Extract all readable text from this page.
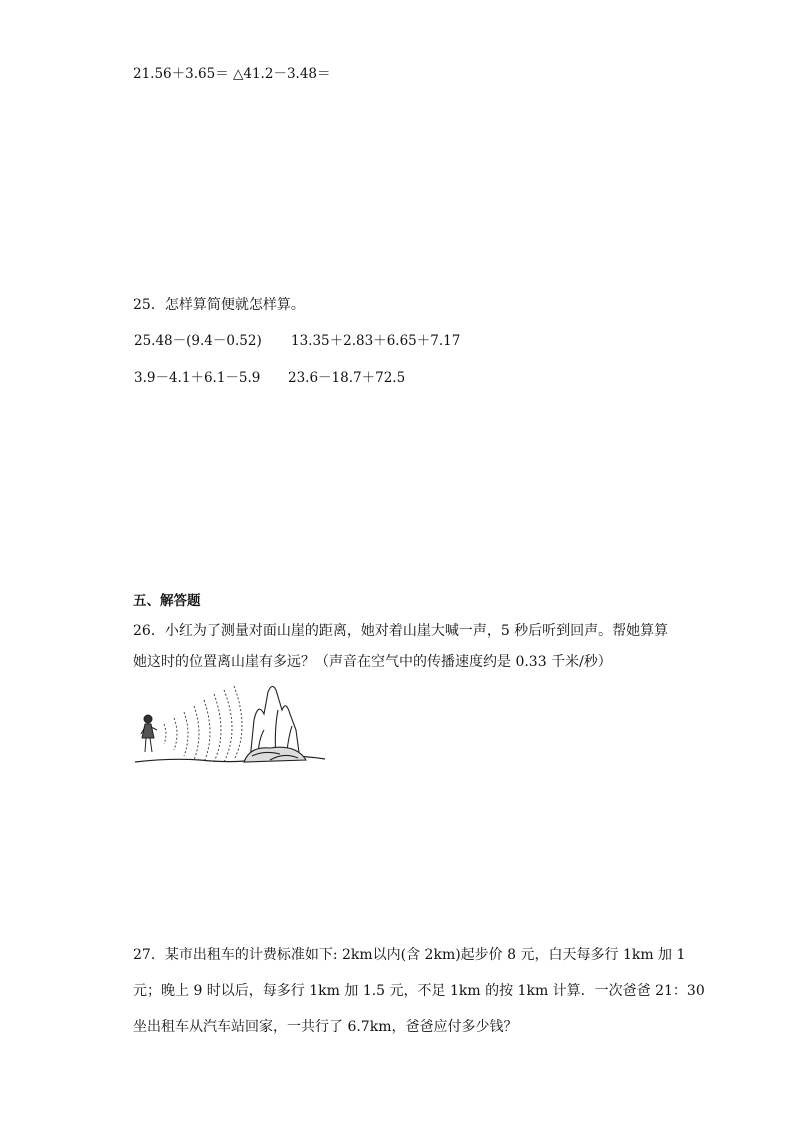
21.56＋3.65＝ △41.2－3.48＝
25．怎样算简便就怎样算。
25.48－(9.4－0.52) 13.35＋2.83＋6.65＋7.17
3.9－4.1＋6.1－5.9 23.6－18.7＋72.5
五、解答题
26．小红为了测量对面山崖的距离，她对着山崖大喊一声，5 秒后听到回声。帮她算算
她这时的位置离山崖有多远？（声音在空气中的传播速度约是 0.33 千米/秒）
27．某市出租车的计费标准如下: 2km以内(含 2km)起步价 8 元，白天每多行 1km 加 1
元；晚上 9 时以后，每多行 1km 加 1.5 元，不足 1km 的按 1km 计算．一次爸爸 21：30
坐出租车从汽车站回家，一共行了 6.7km，爸爸应付多少钱？
